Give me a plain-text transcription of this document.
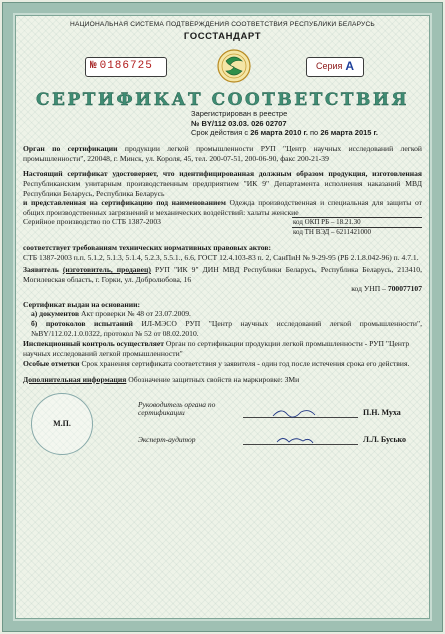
НАЦИОНАЛЬНАЯ СИСТЕМА ПОДТВЕРЖДЕНИЯ СООТВЕТСТВИЯ РЕСПУБЛИКИ БЕЛАРУСЬ
ГОССТАНДАРТ
№ 0186725	Серия А
СЕРТИФИКАТ СООТВЕТСТВИЯ
Зарегистрирован в реестре
№ BY/112 03.03. 026 02707
Срок действия с 26 марта 2010 г. по 26 марта 2015 г.
Орган по сертификации продукции легкой промышленности РУП "Центр научных исследований легкой промышленности", 220048, г. Минск, ул. Короля, 45, тел. 200-07-51, 200-06-90, факс 200-21-39
Настоящий сертификат удостоверяет, что идентифицированная должным образом продукция, изготовленная Республиканским унитарным производственным предприятием "ИК 9" Департамента исполнения наказаний МВД Республики Беларусь, Республика Беларусь
и представленная на сертификацию под наименованием Одежда производственная и специальная для защиты от общих производственных загрязнений и механических воздействий: халаты женские
Серийное производство по СТБ 1387-2003	код ОКП РБ – 18.21.30
код ТН ВЭД – 6211421000
соответствует требованиям технических нормативных правовых актов:
СТБ 1387-2003 п.п. 5.1.2, 5.1.3, 5.1.4, 5.2.3, 5.5.1., 6.6, ГОСТ 12.4.103-83 п. 2, СанПиН № 9-29-95 (РБ 2.1.8.042-96) п. 4.7.1.
Заявитель (изготовитель, продавец) РУП "ИК 9" ДИН МВД Республики Беларусь, Республика Беларусь, 213410, Могилевская область, г. Горки, ул. Добролюбова, 16
код УНП – 700077107
Сертификат выдан на основании:
а) документов Акт проверки № 48 от 23.07.2009.
б) протоколов испытаний ИЛ-МЭСО РУП "Центр научных исследований легкой промышленности", №BY/112.02.1.0.0322, протокол № 52 от 08.02.2010.
Инспекционный контроль осуществляет Орган по сертификации продукции легкой промышленности - РУП "Центр научных исследований легкой промышленности"
Особые отметки Срок хранения сертификата соответствия у заявителя - один год после истечения срока его действия.
Дополнительная информация Обозначение защитных свойств на маркировке: ЗМи
М.П.
Руководитель органа по сертификации	П.Н. Муха
Эксперт-аудитор	Л.Л. Бусько
